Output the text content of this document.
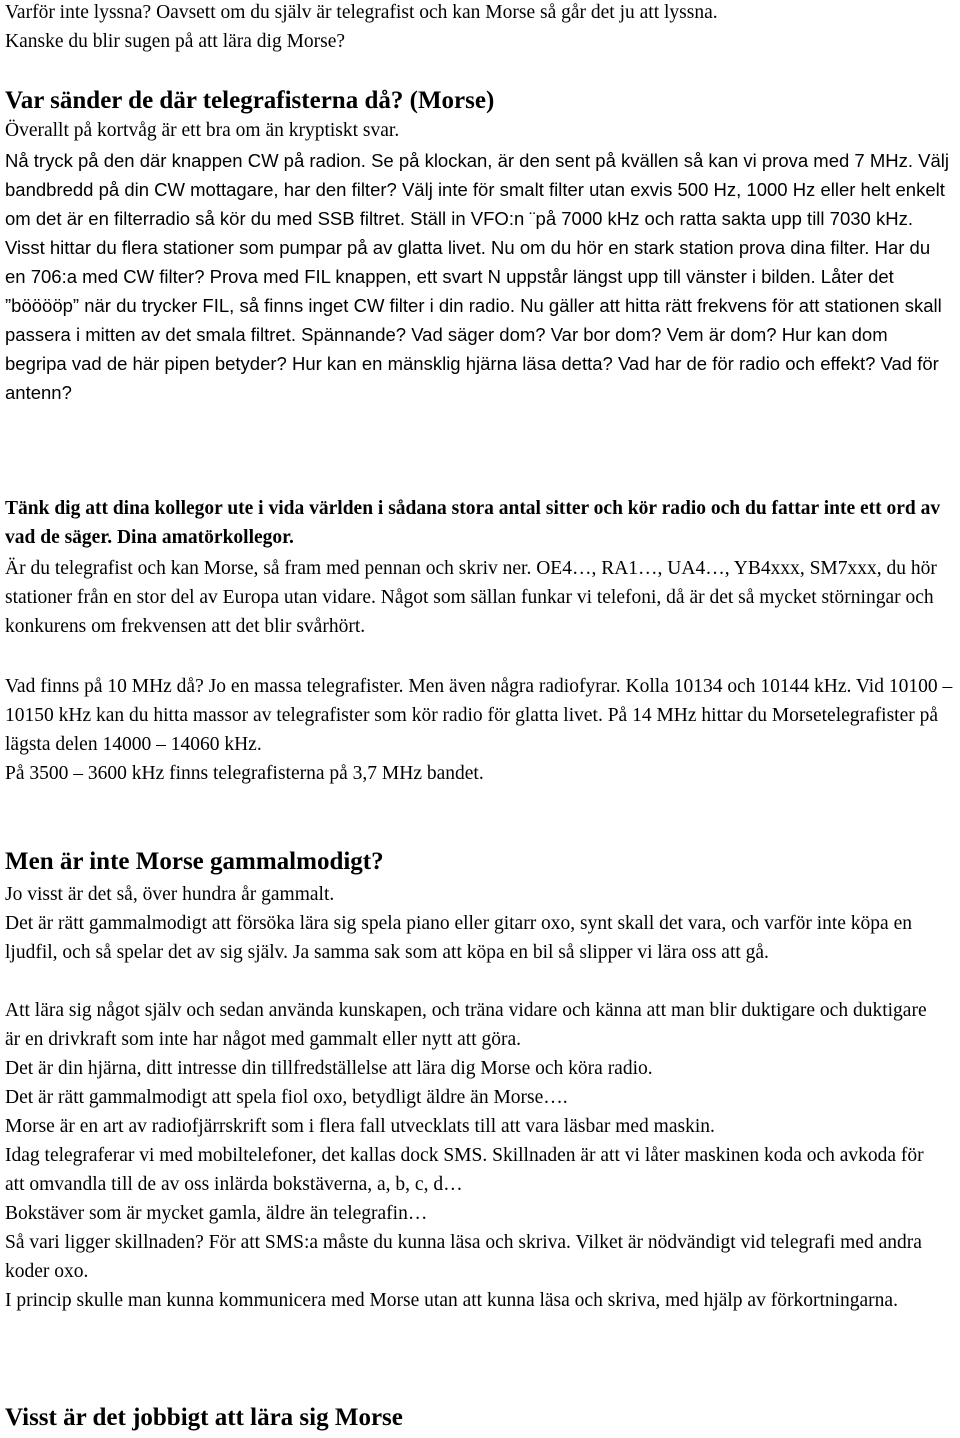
Varför inte lyssna? Oavsett om du själv är telegrafist och kan Morse så går det ju att lyssna.

Kanske du blir sugen på att lära dig Morse?

Var sänder de där telegrafisterna då? (Morse)

Överallt på kortvåg är ett bra om än kryptiskt svar.

Nå tryck på den där knappen CW på radion. Se på klockan, är den sent på kvällen så kan vi prova med 7 MHz. Välj bandbredd på din CW mottagare, har den filter? Välj inte för smalt filter utan exvis 500 Hz, 1000 Hz eller helt enkelt om det är en filterradio så kör du med SSB filtret. Ställ in VFO:n ¨på 7000 kHz och ratta sakta upp till 7030 kHz. Visst hittar du flera stationer som pumpar på av glatta livet. Nu om du hör en stark station prova dina filter. Har du en 706:a med CW filter? Prova med FIL knappen, ett svart N uppstår längst upp till vänster i bilden. Låter det ”bööööp” när du trycker FIL, så finns inget CW filter i din radio. Nu gäller att hitta rätt frekvens för att stationen skall passera i mitten av det smala filtret. Spännande? Vad säger dom? Var bor dom? Vem är dom? Hur kan dom begripa vad de här pipen betyder? Hur kan en mänsklig hjärna läsa detta? Vad har de för radio och effekt? Vad för antenn?

Tänk dig att dina kollegor ute i vida världen i sådana stora antal sitter och kör radio och du fattar inte ett ord av vad de säger. Dina amatörkollegor.

Är du telegrafist och kan Morse, så fram med pennan och skriv ner. OE4…, RA1…, UA4…, YB4xxx, SM7xxx, du hör stationer från en stor del av Europa utan vidare. Något som sällan funkar vi telefoni, då är det så mycket störningar och konkurens om frekvensen att det blir svårhört.

Vad finns på 10 MHz då? Jo en massa telegrafister. Men även några radiofyrar. Kolla 10134 och 10144 kHz. Vid 10100 – 10150 kHz kan du hitta massor av telegrafister som kör radio för glatta livet. På 14 MHz hittar du Morsetelegrafister på lägsta delen 14000 – 14060 kHz.

På 3500 – 3600 kHz finns telegrafisterna på 3,7 MHz bandet.

Men är inte Morse gammalmodigt?

Jo visst är det så, över hundra år gammalt.

Det är rätt gammalmodigt att försöka lära sig spela piano eller gitarr oxo, synt skall det vara, och varför inte köpa en ljudfil, och så spelar det av sig själv. Ja samma sak som att köpa en bil så slipper vi lära oss att gå.

Att lära sig något själv och sedan använda kunskapen, och träna vidare och känna att man blir duktigare och duktigare är en drivkraft som inte har något med gammalt eller nytt att göra.

Det är din hjärna, ditt intresse din tillfredställelse att lära dig Morse och köra radio.

Det är rätt gammalmodigt att spela fiol oxo, betydligt äldre än Morse….

Morse är en art av radiofjärrskrift som i flera fall utvecklats till att vara läsbar med maskin.

Idag telegraferar vi med mobiltelefoner, det kallas dock SMS. Skillnaden är att vi låter maskinen koda och avkoda för att omvandla till de av oss inlärda bokstäverna, a, b, c, d…

Bokstäver som är mycket gamla, äldre än telegrafin…

Så vari ligger skillnaden? För att SMS:a måste du kunna läsa och skriva. Vilket är nödvändigt vid telegrafi med andra koder oxo.

I princip skulle man kunna kommunicera med Morse utan att kunna läsa och skriva, med hjälp av förkortningarna.

Visst är det jobbigt att lära sig Morse
